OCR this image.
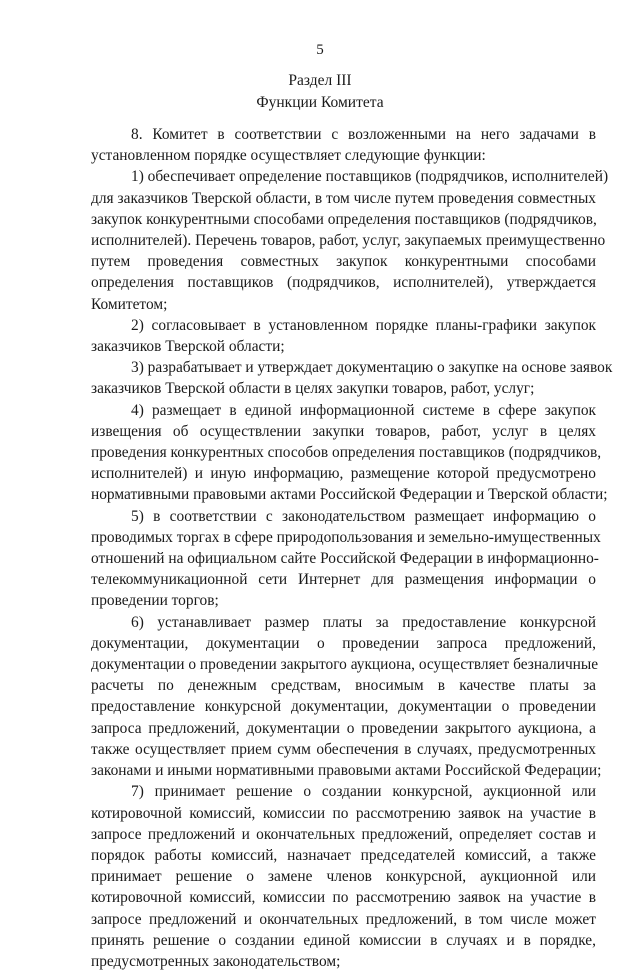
5
Раздел III
Функции Комитета
8. Комитет в соответствии с возложенными на него задачами в
установленном порядке осуществляет следующие функции:
1) обеспечивает определение поставщиков (подрядчиков, исполнителей)
для заказчиков Тверской области, в том числе путем проведения совместных
закупок конкурентными способами определения поставщиков (подрядчиков,
исполнителей). Перечень товаров, работ, услуг, закупаемых преимущественно
путем проведения совместных закупок конкурентными способами
определения поставщиков (подрядчиков, исполнителей), утверждается
Комитетом;
2) согласовывает в установленном порядке планы-графики закупок
заказчиков Тверской области;
3) разрабатывает и утверждает документацию о закупке на основе заявок
заказчиков Тверской области в целях закупки товаров, работ, услуг;
4) размещает в единой информационной системе в сфере закупок
извещения об осуществлении закупки товаров, работ, услуг в целях
проведения конкурентных способов определения поставщиков (подрядчиков,
исполнителей) и иную информацию, размещение которой предусмотрено
нормативными правовыми актами Российской Федерации и Тверской области;
5) в соответствии с законодательством размещает информацию о
проводимых торгах в сфере природопользования и земельно-имущественных
отношений на официальном сайте Российской Федерации в информационно-
телекоммуникационной сети Интернет для размещения информации о
проведении торгов;
6) устанавливает размер платы за предоставление конкурсной
документации, документации о проведении запроса предложений,
документации о проведении закрытого аукциона, осуществляет безналичные
расчеты по денежным средствам, вносимым в качестве платы за
предоставление конкурсной документации, документации о проведении
запроса предложений, документации о проведении закрытого аукциона, а
также осуществляет прием сумм обеспечения в случаях, предусмотренных
законами и иными нормативными правовыми актами Российской Федерации;
7) принимает решение о создании конкурсной, аукционной или
котировочной комиссий, комиссии по рассмотрению заявок на участие в
запросе предложений и окончательных предложений, определяет состав и
порядок работы комиссий, назначает председателей комиссий, а также
принимает решение о замене членов конкурсной, аукционной или
котировочной комиссий, комиссии по рассмотрению заявок на участие в
запросе предложений и окончательных предложений, в том числе может
принять решение о создании единой комиссии в случаях и в порядке,
предусмотренных законодательством;
